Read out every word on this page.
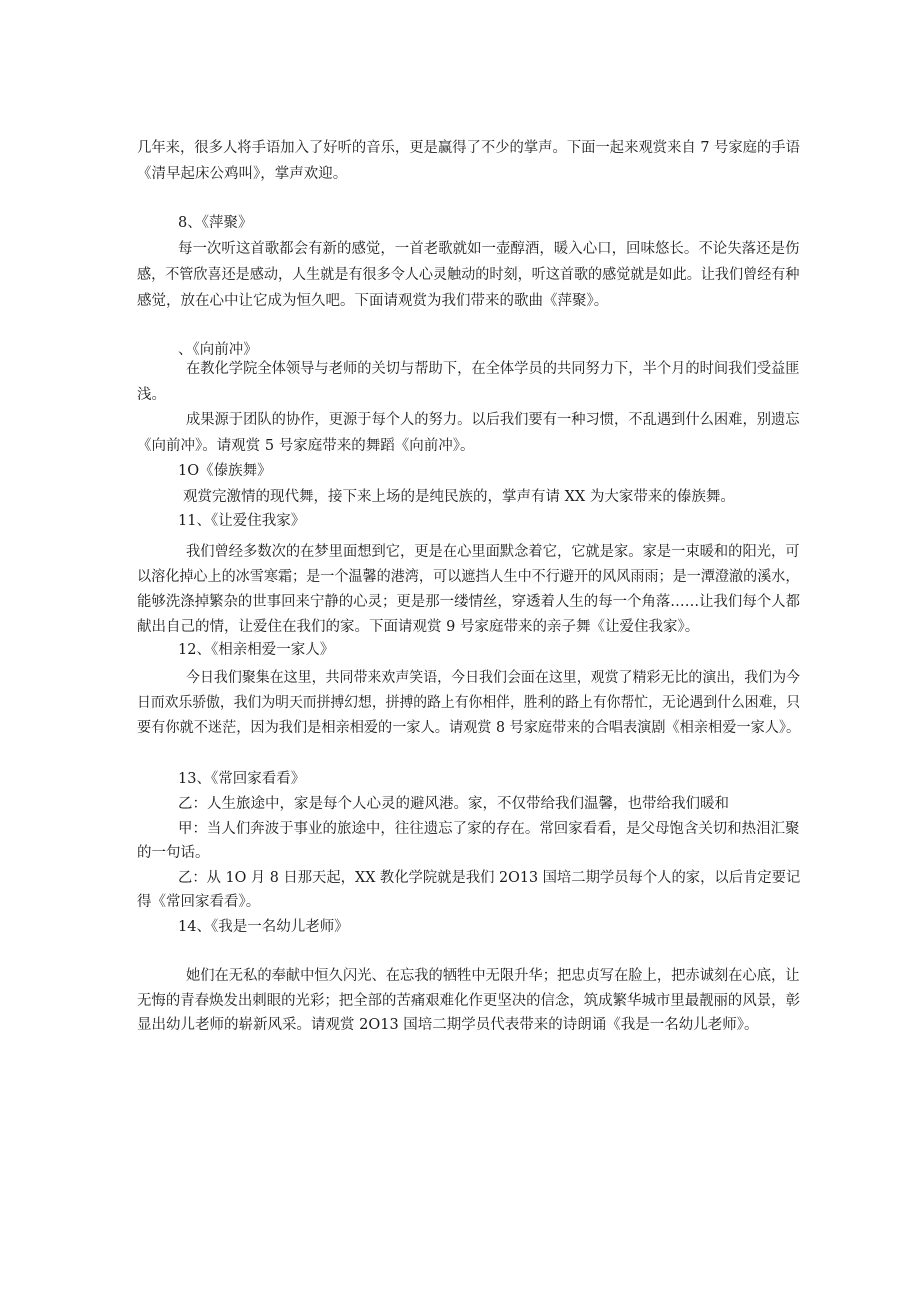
几年来，很多人将手语加入了好听的音乐，更是赢得了不少的掌声。下面一起来观赏来自 7 号家庭的手语
《清早起床公鸡叫》，掌声欢迎。
8、《萍聚》
每一次听这首歌都会有新的感觉，一首老歌就如一壶醇酒，暖入心口，回味悠长。不论失落还是伤
感，不管欣喜还是感动，人生就是有很多令人心灵触动的时刻，听这首歌的感觉就是如此。让我们曾经有种
感觉，放在心中让它成为恒久吧。下面请观赏为我们带来的歌曲《萍聚》。
、《向前冲》
在教化学院全体领导与老师的关切与帮助下，在全体学员的共同努力下，半个月的时间我们受益匪
浅。
成果源于团队的协作，更源于每个人的努力。以后我们要有一种习惯，不乱遇到什么困难，别遗忘
《向前冲》。请观赏 5 号家庭带来的舞蹈《向前冲》。
1O《傣族舞》
观赏完激情的现代舞，接下来上场的是纯民族的，掌声有请 XX 为大家带来的傣族舞。
11、《让爱住我家》
我们曾经多数次的在梦里面想到它，更是在心里面默念着它，它就是家。家是一束暖和的阳光，可
以溶化掉心上的冰雪寒霜；是一个温馨的港湾，可以遮挡人生中不行避开的风风雨雨；是一潭澄澈的溪水，
能够洗涤掉繁杂的世事回来宁静的心灵；更是那一缕情丝，穿透着人生的每一个角落……让我们每个人都
献出自己的情，让爱住在我们的家。下面请观赏 9 号家庭带来的亲子舞《让爱住我家》。
12、《相亲相爱一家人》
今日我们聚集在这里，共同带来欢声笑语，今日我们会面在这里，观赏了精彩无比的演出，我们为今
日而欢乐骄傲，我们为明天而拼搏幻想，拼搏的路上有你相伴，胜利的路上有你帮忙，无论遇到什么困难，只
要有你就不迷茫，因为我们是相亲相爱的一家人。请观赏 8 号家庭带来的合唱表演剧《相亲相爱一家人》。
13、《常回家看看》
乙：人生旅途中，家是每个人心灵的避风港。家，不仅带给我们温馨，也带给我们暖和
甲：当人们奔波于事业的旅途中，往往遗忘了家的存在。常回家看看，是父母饱含关切和热泪汇聚
的一句话。
乙：从 1O 月 8 日那天起，XX 教化学院就是我们 2O13 国培二期学员每个人的家，以后肯定要记
得《常回家看看》。
14、《我是一名幼儿老师》
她们在无私的奉献中恒久闪光、在忘我的牺牲中无限升华；把忠贞写在脸上，把赤诚刻在心底，让
无悔的青春焕发出刺眼的光彩；把全部的苦痛艰难化作更坚决的信念，筑成繁华城市里最靓丽的风景，彰
显出幼儿老师的崭新风采。请观赏 2O13 国培二期学员代表带来的诗朗诵《我是一名幼儿老师》。
